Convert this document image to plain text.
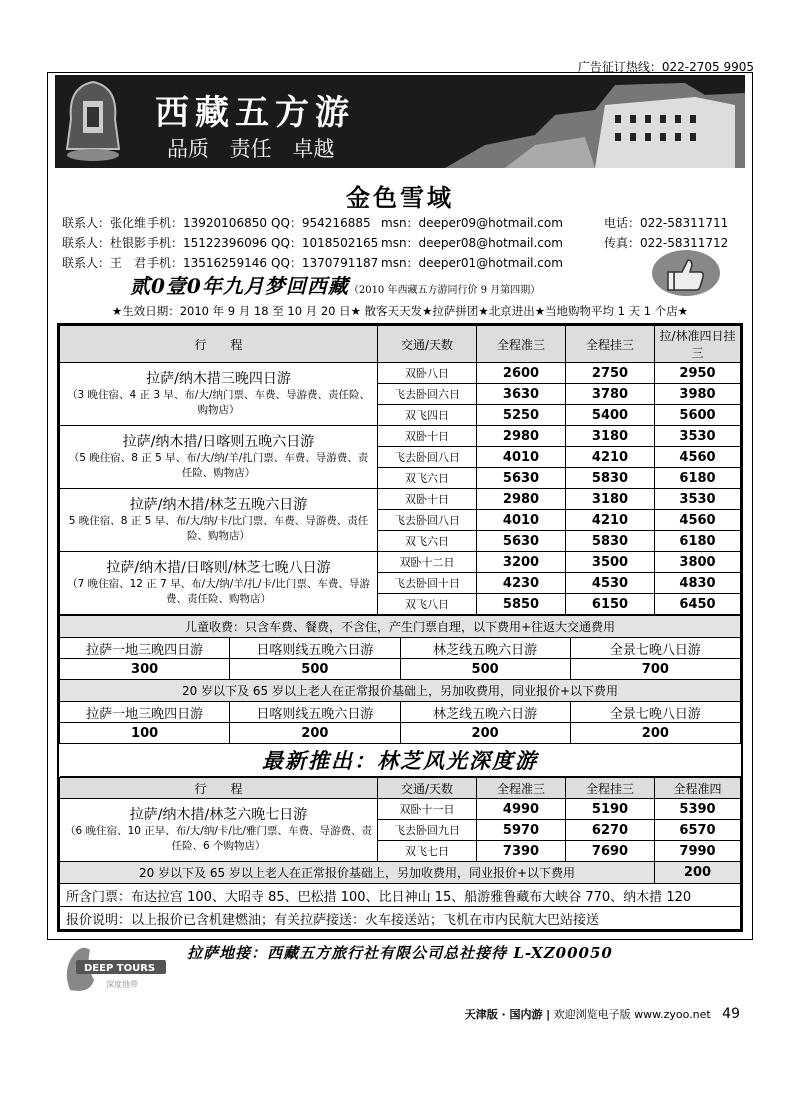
广告征订热线：022-2705 9905
西藏五方游
品质 责任 卓越
金色雪域
联系人：张化维 手机：13920106850 QQ：954216885 msn：deeper09@hotmail.com	电话：022-58311711
联系人：杜银影 手机：15122396096 QQ：1018502165 msn：deeper08@hotmail.com	传真：022-58311712
联系人：王　君 手机：13516259146 QQ：1370791187 msn：deeper01@hotmail.com
贰0壹0年九月梦回西藏（2010 年西藏五方游同行价 9 月第四期）
★生效日期：2010 年 9 月 18 至 10 月 20 日★ 散客天天发★拉萨拼团★北京进出★当地购物平均 1 天 1 个店★
行　　程	交通/天数	全程准三	全程挂三	拉/林准四日挂三

拉萨/纳木措三晚四日游
（3 晚住宿、4 正 3 早、布/大/纳门票、车费、导游费、责任险、购物店）	双卧八日	2600	2750	2950
	飞去卧回六日	3630	3780	3980
	双飞四日	5250	5400	5600

拉萨/纳木措/日喀则五晚六日游
（5 晚住宿、8 正 5 早、布/大/纳/羊/扎门票、车费、导游费、责任险、购物店）	双卧十日	2980	3180	3530
	飞去卧回八日	4010	4210	4560
	双飞六日	5630	5830	6180

拉萨/纳木措/林芝五晚六日游
5 晚住宿、8 正 5 早、布/大/纳/卡/比门票、车费、导游费、责任险、购物店）	双卧十日	2980	3180	3530
	飞去卧回八日	4010	4210	4560
	双飞六日	5630	5830	6180

拉萨/纳木措/日喀则/林芝七晚八日游
（7 晚住宿、12 正 7 早、布/大/纳/羊/扎/卡/比门票、车费、导游费、责任险、购物店）	双卧十二日	3200	3500	3800
	飞去卧回十日	4230	4530	4830
	双飞八日	5850	6150	6450
儿童收费：只含车费、餐费，不含住，产生门票自理，以下费用+往返大交通费用			
拉萨一地三晚四日游	日喀则线五晚六日游	林芝线五晚六日游	全景七晚八日游
300	500	500	700
20 岁以下及 65 岁以上老人在正常报价基础上，另加收费用，同业报价+以下费用			
拉萨一地三晚四日游	日喀则线五晚六日游	林芝线五晚六日游	全景七晚八日游
100	200	200	200
最新推出：林芝风光深度游			
行　　程	交通/天数	全程准三	全程挂三	全程准四

拉萨/纳木措/林芝六晚七日游
（6 晚住宿、10 正早、布/大/纳/卡/比/雅门票、车费、导游费、责任险、6 个购物店）	双卧十一日	4990	5190	5390
	飞去卧回九日	5970	6270	6570
	双飞七日	7390	7690	7990
20 岁以下及 65 岁以上老人在正常报价基础上，另加收费用，同业报价+以下费用				200
所含门票：布达拉宫 100、大昭寺 85、巴松措 100、比日神山 15、船游雅鲁藏布大峡谷 770、纳木措 120				
报价说明：以上报价已含机建燃油；有关拉萨接送：火车接送站；飞机在市内民航大巴站接送				
DEEP TOURS
深度地带
拉萨地接：西藏五方旅行社有限公司总社接待 L-XZ00050
天津版 · 国内游 | 欢迎浏览电子版 www.zyoo.net 49
